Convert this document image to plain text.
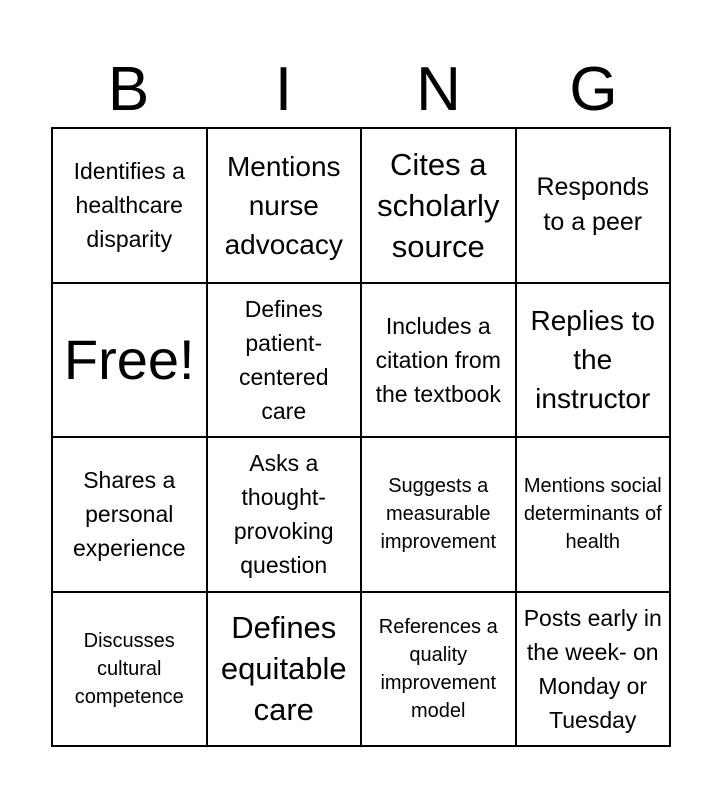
B	I	N	G
Identifies a healthcare disparity
Mentions nurse advocacy
Cites a scholarly source
Responds to a peer
Free!
Defines patient-centered care
Includes a citation from the textbook
Replies to the instructor
Shares a personal experience
Asks a thought-provoking question
Suggests a measurable improvement
Mentions social determinants of health
Discusses cultural competence
Defines equitable care
References a quality improvement model
Posts early in the week- on Monday or Tuesday
